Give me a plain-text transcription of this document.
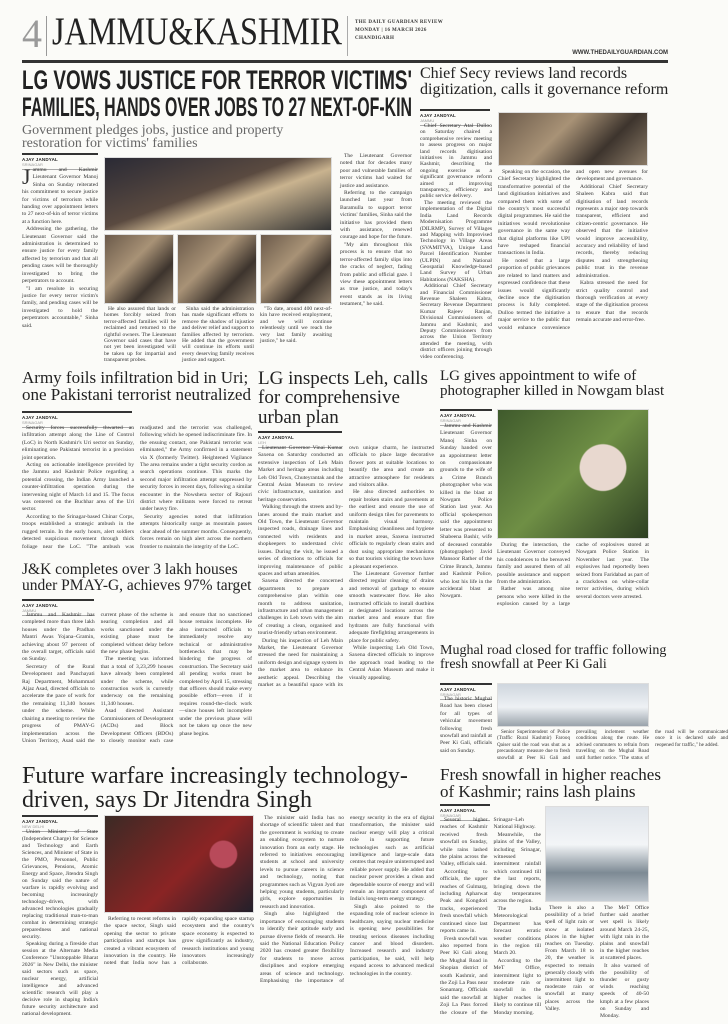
4 JAMMU&KASHMIR	THE DAILY GUARDIAN REVIEW
MONDAY | 16 MARCH 2026
CHANDIGARH
WWW.THEDAILYGUARDIAN.COM
LG VOWS JUSTICE FOR TERROR VICTIMS'
FAMILIES, HANDS OVER JOBS TO 27 NEXT-OF-KIN
Government pledges jobs, justice and property restoration for victims' families
AJAY JANDYAL
SRINAGAR
J ammu and Kashmir Lieutenant Governor Manoj Sinha on Sunday reiterated his commitment to secure justice for victims of terrorism while handing over appointment letters to 27 next-of-kin of terror victims at a function here.

Addressing the gathering, the Lieutenant Governor said the administration is determined to ensure justice for every family affected by terrorism and that all pending cases will be thoroughly investigated to bring the perpetrators to account.

"I am resolute in securing justice for every terror victim's family, and pending cases will be investigated to hold the perpetrators accountable," Sinha said.

He also assured that lands or homes forcibly seized from terror-affected families will be reclaimed and returned to the rightful owners. The Lieutenant Governor said cases that have not yet been investigated will be taken up for impartial and transparent probes.

Sinha said the administration has made significant efforts to remove the shadow of injustice and deliver relief and support to families affected by terrorism. He added that the government will continue its efforts until every deserving family receives justice and support.

"To date, around 400 next-of-kin have received employment, and we will continue relentlessly until we reach the very last family awaiting justice," he said.

The Lieutenant Governor noted that for decades many poor and vulnerable families of terror victims had waited for justice and assistance.

Referring to the campaign launched last year from Baramulla to support terror victims' families, Sinha said the initiative has provided them with assistance, renewed courage and hope for the future.

"My aim throughout this process is to ensure that no terror-affected family slips into the cracks of neglect, fading from public and official gaze. I view these appointment letters as true justice, and today's event stands as its living testament," he said.

Chief Secy reviews land records digitization, calls it governance reform
AJAY JANDYAL
JAMMU

Chief Secretary Atal Dulloo on Saturday chaired a comprehensive review meeting to assess progress on major land records digitisation initiatives in Jammu and Kashmir, describing the ongoing exercise as a significant governance reform aimed at improving transparency, efficiency and public service delivery.

The meeting reviewed the implementation of the Digital India Land Records Modernisation Programme (DILRMP), Survey of Villages and Mapping with Improvised Technology in Village Areas (SVAMITVA), Unique Land Parcel Identification Number (ULPIN) and National Geospatial Knowledge-based Land Survey of Urban Habitations (NAKSHA).

Additional Chief Secretary and Financial Commissioner Revenue Shaleen Kabra, Secretary Revenue Department Kumar Rajeev Ranjan, Divisional Commissioners of Jammu and Kashmir, and Deputy Commissioners from across the Union Territory attended the meeting, with district officers joining through video conferencing.

Speaking on the occasion, the Chief Secretary highlighted the transformative potential of the land digitisation initiatives and compared them with some of the country's most successful digital programmes. He said the initiatives would revolutionise governance in the same way that digital platforms like UPI have reshaped financial transactions in India.

He noted that a large proportion of public grievances are related to land matters and expressed confidence that these issues would significantly decline once the digitisation process is fully completed. Dulloo termed the initiative a major service to the public that would enhance convenience and open new avenues for development and governance.

Additional Chief Secretary Shaleen Kabra said that digitisation of land records represents a major step towards transparent, efficient and citizen-centric governance. He observed that the initiative would improve accessibility, accuracy and reliability of land records, thereby reducing disputes and strengthening public trust in the revenue administration.

Kabra stressed the need for strict quality control and thorough verification at every stage of the digitisation process to ensure that the records remain accurate and error-free.

Army foils infiltration bid in Uri; one Pakistani terrorist neutralized
AJAY JANDYAL
SRINAGAR

Security forces successfully thwarted an infiltration attempt along the Line of Control (LoC) in North Kashmir's Uri sector on Sunday, eliminating one Pakistani terrorist in a precision joint operation.

Acting on actionable intelligence provided by the Jammu and Kashmir Police regarding a potential crossing, the Indian Army launched a counter-infiltration operation during the intervening night of March 14 and 15. The focus was centered on the Buchhar area of the Uri sector.

According to the Srinagar-based Chinar Corps, troops established a strategic ambush in the rugged terrain. In the early hours, alert soldiers detected suspicious movement through thick foliage near the LoC. "The ambush was readjusted and the terrorist was challenged, following which he opened indiscriminate fire. In the ensuing contact, one Pakistani terrorist was eliminated," the Army confirmed in a statement via X (formerly Twitter). Heightened Vigilance The area remains under a tight security cordon as search operations continue. This marks the second major infiltration attempt suppressed by security forces in recent days, following a similar encounter in the Nowshera sector of Rajouri district where militants were forced to retreat under heavy fire.

Security agencies noted that infiltration attempts historically surge as mountain passes clear ahead of the summer months. Consequently, forces remain on high alert across the northern frontier to maintain the integrity of the LoC.

LG inspects Leh, calls for comprehensive urban plan
AJAY JANDYAL
LEH

Lieutenant Governor Vinai Kumar Saxena on Saturday conducted an extensive inspection of Leh Main Market and heritage areas including Leh Old Town, Chuteyrantak and the Central Asian Museum to review civic infrastructure, sanitation and heritage conservation.

Walking through the streets and by-lanes around the main market and Old Town, the Lieutenant Governor inspected roads, drainage lines and connected with residents and shopkeepers to understand civic issues. During the visit, he issued a series of directions to officials for improving maintenance of public spaces and urban amenities.

Saxena directed the concerned departments to prepare a comprehensive plan within one month to address sanitation, infrastructure and urban management challenges in Leh town with the aim of creating a clean, organised and tourist-friendly urban environment.

During his inspection of Leh Main Market, the Lieutenant Governor stressed the need for maintaining a uniform design and signage system in the market area to enhance its aesthetic appeal. Describing the market as a beautiful space with its own unique charm, he instructed officials to place large decorative flower pots at suitable locations to beautify the area and create an attractive atmosphere for residents and visitors alike.

He also directed authorities to repair broken stairs and pavements at the earliest and ensure the use of uniform design tiles for pavements to maintain visual harmony. Emphasising cleanliness and hygiene in market areas, Saxena instructed officials to regularly clean stairs and dust using appropriate mechanisms so that tourists visiting the town have a pleasant experience.

The Lieutenant Governor further directed regular cleaning of drains and removal of garbage to ensure smooth wastewater flow. He also instructed officials to install dustbins at designated locations across the market area and ensure that fire hydrants are fully functional with adequate firefighting arrangements in place for public safety.

While inspecting Leh Old Town, Saxena directed officials to improve the approach road leading to the Central Asian Museum and make it visually appealing.

LG gives appointment to wife of photographer killed in Nowgam blast
AJAY JANDYAL
SRINAGAR

Jammu and Kashmir Lieutenant Governor Manoj Sinha on Sunday handed over an appointment letter on compassionate grounds to the wife of a Crime Branch photographer who was killed in the blast at Nowgam Police Station last year. An official spokesperson said the appointment letter was presented to Shabeena Bashir, wife of deceased constable (photographer) Javid Mansoor Rather of the Crime Branch, Jammu and Kashmir Police, who lost his life in the accidental blast at Nowgam.

During the interaction, the Lieutenant Governor conveyed his condolences to the bereaved family and assured them of all possible assistance and support from the administration.

Rather was among nine persons who were killed in the explosion caused by a large cache of explosives stored at Nowgam Police Station in November last year. The explosives had reportedly been seized from Faridabad as part of a crackdown on white-collar terror activities, during which several doctors were arrested.

J&K completes over 3 lakh houses under PMAY-G, achieves 97% target
AJAY JANDYAL
JAMMU

Jammu and Kashmir has completed more than three lakh houses under the Pradhan Mantri Awas Yojana–Gramin, achieving about 97 percent of the overall target, officials said on Sunday.

Secretary of the Rural Development and Panchayati Raj Department, Mohammad Aijaz Asad, directed officials to accelerate the pace of work for the remaining 11,340 houses under the scheme. While chairing a meeting to review the progress of PMAY-G implementation across the Union Territory, Asad said the current phase of the scheme is nearing completion and all works sanctioned under the existing phase must be completed without delay before the new phase begins.

The meeting was informed that a total of 3,23,299 houses have already been completed under the scheme, while construction work is currently underway on the remaining 11,340 houses.

Asad directed Assistant Commissioners of Development (ACDs) and Block Development Officers (BDOs) to closely monitor each case and ensure that no sanctioned house remains incomplete. He also instructed officials to immediately resolve any technical or administrative bottlenecks that may be hindering the progress of construction. The Secretary said all pending works must be completed by April 15, stressing that officers should make every possible effort—even if it requires round-the-clock work—since houses left incomplete under the previous phase will not be taken up once the new phase begins.

Mughal road closed for traffic following fresh snowfall at Peer Ki Gali
AJAY JANDYAL
SRINAGAR

The historic Mughal Road has been closed for all types of vehicular movement following fresh snowfall and rainfall at Peer Ki Gali, officials said on Sunday.

Senior Superintendent of Police (Traffic Rural Kashmir) Farooq Qaiser said the road was shut as a precautionary measure due to fresh snowfall at Peer Ki Gali and prevailing inclement weather conditions along the route. He advised commuters to refrain from travelling on the Mughal Road until further notice. "The status of the road will be communicated once it is declared safe and reopened for traffic," he added.

Future warfare increasingly technology-
driven, says Dr Jitendra Singh
AJAY JANDYAL
NEW DELHI

Union Minister of State (Independent Charge) for Science and Technology and Earth Sciences, and Minister of State in the PMO, Personnel, Public Grievances, Pensions, Atomic Energy and Space, Jitendra Singh on Sunday said the nature of warfare is rapidly evolving and becoming increasingly technology-driven, with advanced technologies gradually replacing traditional man-to-man combat in determining strategic preparedness and national security.

Speaking during a fireside chat session at the Alternate Media Conference "Unstoppable Bharat 2026" in New Delhi, the minister said sectors such as space, nuclear energy, artificial intelligence and advanced scientific research will play a decisive role in shaping India's future security architecture and national development.

Referring to recent reforms in the space sector, Singh said opening the sector to private participation and startups has created a vibrant ecosystem of innovation in the country. He noted that India now has a rapidly expanding space startup ecosystem and the country's space economy is expected to grow significantly as industry, research institutions and young innovators increasingly collaborate.

The minister said India has no shortage of scientific talent and that the government is working to create an enabling ecosystem to nurture innovation from an early stage. He referred to initiatives encouraging students at school and university levels to pursue careers in science and technology, noting that programmes such as Vigyan Jyoti are helping young students, particularly girls, explore opportunities in research and innovation.

Singh also highlighted the importance of encouraging students to identify their aptitude early and pursue diverse fields of research. He said the National Education Policy 2020 has created greater flexibility for students to move across disciplines and explore emerging areas of science and technology. Emphasising the importance of energy security in the era of digital transformation, the minister said nuclear energy will play a critical role in supporting future technologies such as artificial intelligence and large-scale data centres that require uninterrupted and reliable power supply. He added that nuclear power provides a clean and dependable source of energy and will remain an important component of India's long-term energy strategy.

Singh also pointed to the expanding role of nuclear science in healthcare, saying nuclear medicine is opening new possibilities for treating serious diseases including cancer and blood disorders. Increased research and industry participation, he said, will help expand access to advanced medical technologies in the country.

Fresh snowfall in higher reaches of Kashmir; rains lash plains
AJAY JANDYAL
SRINAGAR

Several higher reaches of Kashmir received fresh snowfall on Sunday, while rains lashed the plains across the Valley, officials said.

According to officials, the upper reaches of Gulmarg, including Apharwat Peak and Kongdori tracks, experienced fresh snowfall which continued since last reports came in.

Fresh snowfall was also reported from Peer Ki Gali along the Mughal Road in Shopian district of south Kashmir, and the Zoji La Pass near Sonamarg. Officials said the snowfall at Zoji La Pass forced the closure of the Srinagar–Leh National Highway.

Meanwhile, the plains of the Valley, including Srinagar, witnessed intermittent rainfall which continued till the last reports, bringing down the day temperatures across the region.

The India Meteorological Department has forecast erratic weather conditions in the region till March 20.

According to the MeT Office, intermittent light to moderate rain or snowfall in the higher reaches is likely to continue till Monday morning.

There is also a possibility of a brief spell of light rain or snow at isolated places in the higher reaches on Tuesday. From March 18 to 20, the weather is expected to remain generally cloudy with intermittent light to moderate rain or snowfall at many places across the Valley.

The MeT Office further said another wet spell is likely around March 24-25, with light rain in the plains and snowfall in the higher reaches at scattered places.

It also warned of the possibility of thunder or gusty winds reaching speeds of 40-50 kmph at a few places on Sunday and Monday.
